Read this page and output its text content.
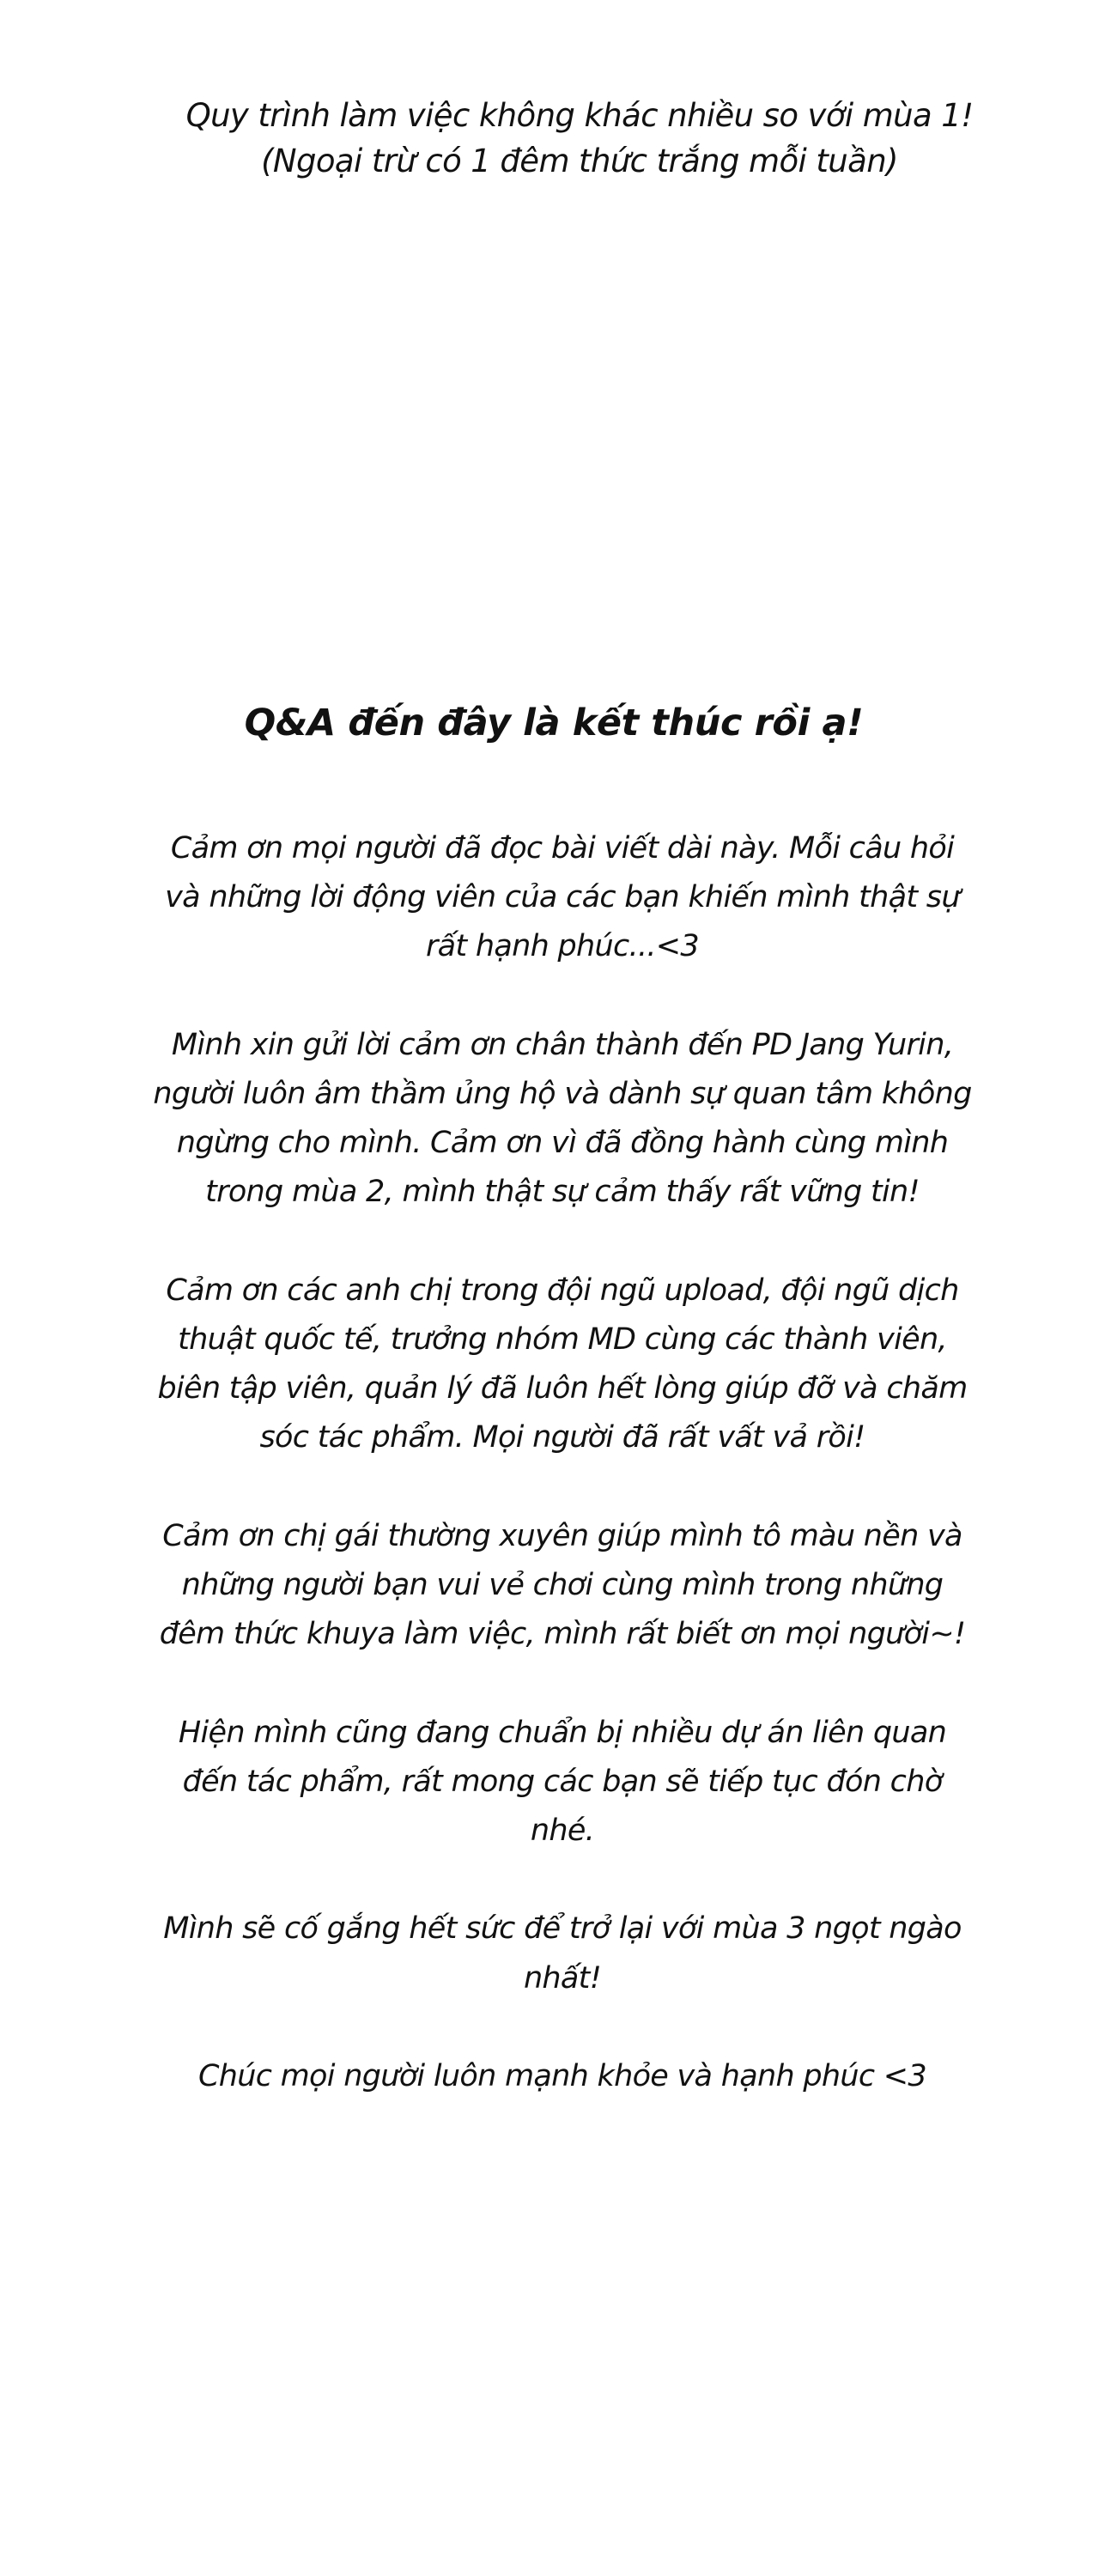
Quy trình làm việc không khác nhiều so với mùa 1!
(Ngoại trừ có 1 đêm thức trắng mỗi tuần)
Q&A đến đây là kết thúc rồi ạ!

Cảm ơn mọi người đã đọc bài viết dài này. Mỗi câu hỏi
và những lời động viên của các bạn khiến mình thật sự
rất hạnh phúc...<3

Mình xin gửi lời cảm ơn chân thành đến PD Jang Yurin,
người luôn âm thầm ủng hộ và dành sự quan tâm không
ngừng cho mình. Cảm ơn vì đã đồng hành cùng mình
trong mùa 2, mình thật sự cảm thấy rất vững tin!

Cảm ơn các anh chị trong đội ngũ upload, đội ngũ dịch
thuật quốc tế, trưởng nhóm MD cùng các thành viên,
biên tập viên, quản lý đã luôn hết lòng giúp đỡ và chăm
sóc tác phẩm. Mọi người đã rất vất vả rồi!

Cảm ơn chị gái thường xuyên giúp mình tô màu nền và
những người bạn vui vẻ chơi cùng mình trong những
đêm thức khuya làm việc, mình rất biết ơn mọi người~!

Hiện mình cũng đang chuẩn bị nhiều dự án liên quan
đến tác phẩm, rất mong các bạn sẽ tiếp tục đón chờ
nhé.

Mình sẽ cố gắng hết sức để trở lại với mùa 3 ngọt ngào
nhất!

Chúc mọi người luôn mạnh khỏe và hạnh phúc <3
